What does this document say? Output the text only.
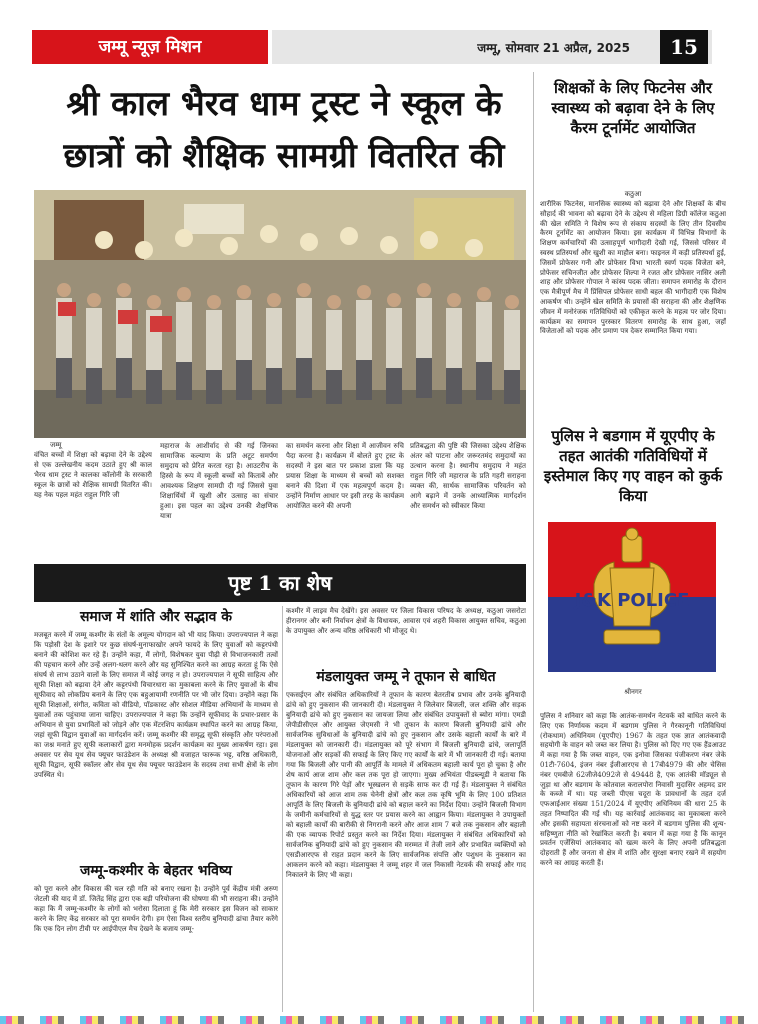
जम्मू न्यूज़ मिशन	जम्मू, सोमवार 21 अप्रैल, 2025	15
श्री काल भैरव धाम ट्रस्ट ने स्कूल के छात्रों को शैक्षिक सामग्री वितरित की
जम्मू
वंचित बच्चों में शिक्षा को बढ़ावा देने के उद्देश्य से एक उल्लेखनीय कदम उठाते हुए श्री काल भैरव धाम ट्रस्ट ने कालका कॉलोनी के सरकारी स्कूल के छात्रों को शैक्षिक सामग्री वितरित की। यह नेक पहल महंत राहुल गिरि जी
महाराज के आशीर्वाद से की गई जिनका सामाजिक कल्याण के प्रति अटूट समर्पण समुदाय को प्रेरित करता रहा है। आउटरीच के हिस्से के रूप में स्कूली बच्चों को किताबें और आवश्यक शिक्षण सामग्री दी गई जिससे युवा शिक्षार्थियों में खुशी और उत्साह का संचार हुआ। इस पहल का उद्देश्य उनकी शैक्षणिक यात्रा
का समर्थन करना और शिक्षा में आजीवन रुचि पैदा करना है। कार्यक्रम में बोलते हुए ट्रस्ट के सदस्यों ने इस बात पर प्रकाश डाला कि यह प्रयास शिक्षा के माध्यम से बच्चों को सशक्त बनाने की दिशा में एक महत्वपूर्ण कदम है। उन्होंने निर्माण आधार पर इसी तरह के कार्यक्रम आयोजित करने की अपनी
प्रतिबद्धता की पुष्टि की जिसका उद्देश्य शैक्षिक अंतर को पाटना और जरूरतमंद समुदायों का उत्थान करना है। स्थानीय समुदाय ने महंत राहुल गिरि जी महाराज के प्रति गहरी सराहना व्यक्त की, सार्थक सामाजिक परिवर्तन को आगे बढ़ाने में उनके आध्यात्मिक मार्गदर्शन और समर्थन को स्वीकार किया
शिक्षकों के लिए फिटनेस और स्वास्थ्य को बढ़ावा देने के लिए कैरम टूर्नामेंट आयोजित
कठुआ
शारीरिक फिटनेस, मानसिक स्वास्थ्य को बढ़ावा देने और शिक्षकों के बीच सौहार्द की भावना को बढ़ावा देने के उद्देश्य से महिला डिग्री कॉलेज कठुआ की खेल समिति ने विशेष रूप से संकाय सदस्यों के लिए तीन दिवसीय कैरम टूर्नामेंट का आयोजन किया। इस कार्यक्रम में विभिन्न विभागों के शिक्षण कर्मचारियों की उत्साहपूर्ण भागीदारी देखी गई, जिससे परिसर में स्वस्थ प्रतिस्पर्धा और खुशी का माहौल बना। फाइनल में कड़ी प्रतिस्पर्धा हुई, जिसमें प्रोफेसर गनी और प्रोफेसर विभा भारती स्वर्ण पदक विजेता बने, प्रोफेसर सचिनजीत और प्रोफेसर शिल्पा ने रजत और प्रोफेसर नासिर अली शाह और प्रोफेसर गोपाल ने कांस्य पदक जीता। समापन समारोह के दौरान एक मैत्रीपूर्ण मैच में प्रिंसिपल प्रोफेसर साधी बहल की भागीदारी एक विशेष आकर्षण थी। उन्होंने खेल समिति के प्रयासों की सराहना की और शैक्षणिक जीवन में मनोरंजक गतिविधियों को एकीकृत करने के महत्व पर जोर दिया। कार्यक्रम का समापन पुरस्कार वितरण समारोह के साथ हुआ, जहाँ विजेताओं को पदक और प्रमाण पत्र देकर सम्मानित किया गया।
पुलिस ने बडगाम में यूएपीए के तहत आतंकी गतिविधियों में इस्तेमाल किए गए वाहन को कुर्क किया
J&K POLICE
श्रीनगर
पुलिस ने शनिवार को कहा कि आतंक-समर्थन नेटवर्क को बाधित करने के लिए एक निर्णायक कदम में बडगाम पुलिस ने गैरकानूनी गतिविधियां (रोकथाम) अधिनियम (यूएपीए) 1967 के तहत एक ज्ञात आतंकवादी सहयोगी के वाहन को जब्त कर लिया है। पुलिस को दिए गए एक हैंडआउट में कहा गया है कि जब्त वाहन, एक इनोवा जिसका पंजीकरण नंबर जेके 01टी-7604, इंजन नंबर ईजीआरएच से 17बी4979 की और चेसिस नंबर एमबीजे 62जीजे4092जे से 49448 है, एक आतंकी मॉड्यूल से जुड़ा था और बडगाम के कोतवाल करालपोरा निवासी मुदासिर अहमद डार के कब्जे में था। यह जब्ती पीएस चदूरा के प्रावधानों के तहत दर्ज एफआईआर संख्या 151/2024 में यूएपीए अधिनियम की धारा 25 के तहत निष्पादित की गई थी। यह कार्रवाई आतंकवाद का मुकाबला करने और इसकी सहायता संरचनाओं को नष्ट करने में बडगाम पुलिस की शून्य-सहिष्णुता नीति को रेखांकित करती है। बयान में कहा गया है कि कानून प्रवर्तन एजेंसियां आतंकवाद को खत्म करने के लिए अपनी प्रतिबद्धता दोहराती हैं और जनता से क्षेत्र में शांति और सुरक्षा बनाए रखने में सहयोग करने का आग्रह करती हैं।
पृष्ट 1 का शेष
समाज में शांति और सद्भाव के
मजबूत करने में जम्मू कश्मीर के संतों के अमूल्य योगदान को भी याद किया। उपराज्यपाल ने कहा कि पड़ोसी देश के इशारे पर कुछ संघर्ष-मुनाफाखोर अपने फायदे के लिए युवाओं को कट्टरपंथी बनाने की कोशिश कर रहे हैं। उन्होंने कहा, मैं लोगों, विशेषकर युवा पीढ़ी से विभाजनकारी तत्वों की पहचान करने और उन्हें अलग-थलग करने और यह सुनिश्चित करने का आग्रह करता हूं कि ऐसे संघर्ष से लाभ उठाने वालों के लिए समाज में कोई जगह न हो। उपराज्यपाल ने सूफी साहित्य और सूफी शिक्षा को बढ़ावा देने और कट्टरपंथी विचारधारा का मुकाबला करने के लिए युवाओं के बीच सूफीवाद को लोकप्रिय बनाने के लिए एक बहुआयामी रणनीति पर भी जोर दिया। उन्होंने कहा कि सूफी शिक्षाओं, संगीत, कविता को वीडियो, पॉडकास्ट और सोशल मीडिया अभियानों के माध्यम से युवाओं तक पहुंचाया जाना चाहिए। उपराज्यपाल ने कहा कि उन्होंने सूफीवाद के प्रचार-प्रसार के अभियान से युवा प्रभावितों को जोड़ने और एक मेंटरशिप कार्यक्रम स्थापित करने का आग्रह किया, जहां सूफी विद्वान युवाओं का मार्गदर्शन करें। जम्मू कश्मीर की समृद्ध सूफी संस्कृति और परंपराओं का जश्न मनाते हुए सूफी कलाकारों द्वारा मनमोहक प्रदर्शन कार्यक्रम का मुख्य आकर्षण रहा। इस अवसर पर सेव यूथ सेव फ्यूचर फाउंडेशन के अध्यक्ष श्री वजाहत फारूक भट्ट, वरिष्ठ अधिकारी, सूफी विद्वान, सूफी स्कॉलर और सेव यूथ सेव फ्यूचर फाउंडेशन के सदस्य तथा सभी क्षेत्रों के लोग उपस्थित थे।
जम्मू-कश्मीर के बेहतर भविष्य
को पूरा करने और विकास की चल रही गति को बनाए रखना है। उन्होंने पूर्व केंद्रीय मंत्री अरुण जेटली की याद में डॉ. जितेंद्र सिंह द्वारा एक बड़ी परियोजना की घोषणा की भी सराहना की। उन्होंने कहा कि मैं जम्मू-कश्मीर के लोगों को भरोसा दिलाता हूं कि मेरी सरकार इस विजन को साकार करने के लिए केंद्र सरकार को पूरा समर्थन देगी। हम ऐसा विश्व स्तरीय बुनियादी ढांचा तैयार करेंगे कि एक दिन लोग टीवी पर आईपीएल मैच देखने के बजाय जम्मू-
कश्मीर में लाइव मैच देखेंगे। इस अवसर पर जिला विकास परिषद के अध्यक्ष, कठुआ जसरोटा हीरानगर और बनी निर्वाचन क्षेत्रों के विधायक, आवास एवं शहरी विकास आयुक्त सचिव, कठुआ के उपायुक्त और अन्य वरिष्ठ अधिकारी भी मौजूद थे।
मंडलायुक्त जम्मू ने तूफान से बाधित
एकसईएन और संबंधित अधिकारियों ने तूफान के कारण बेतरतीब प्रभाव और उनके बुनियादी ढांचे को हुए नुकसान की जानकारी दी। मंडलायुक्त ने जिलेवार बिजली, जल शक्ति और सड़क बुनियादी ढांचे को हुए नुकसान का जायजा लिया और संबंधित उपायुक्तों से ब्योरा मांगा। एमडी जेपीडीसीएल और आयुक्त जेएमसी ने भी तूफान के कारण बिजली बुनियादी ढांचे और सार्वजनिक सुविधाओं के बुनियादी ढांचे को हुए नुकसान और उसके बहाली कार्यों के बारे में मंडलायुक्त को जानकारी दी। मंडलायुक्त को पूरे संभाग में बिजली बुनियादी ढांचे, जलापूर्ति योजनाओं और सड़कों की सफाई के लिए किए गए कार्यों के बारे में भी जानकारी दी गई। बताया गया कि बिजली और पानी की आपूर्ति के मामले में अधिकतम बहाली कार्य पूरा हो चुका है और शेष कार्य आज शाम और कल तक पूरा हो जाएगा। मुख्य अभियंता पीडब्ल्यूडी ने बताया कि तूफान के कारण गिरे पेड़ों और भूस्खलन से सड़कें साफ कर दी गई हैं। मंडलायुक्त ने संबंधित अधिकारियों को आज शाम तक चेनेनी क्षेत्रों और कल तक कृषि भूमि के लिए 100 प्रतिशत आपूर्ति के लिए बिजली के बुनियादी ढांचे को बहाल करने का निर्देश दिया। उन्होंने बिजली विभाग के जमीनी कर्मचारियों से युद्ध स्तर पर प्रयास करने का आह्वान किया। मंडलायुक्त ने उपायुक्तों को बहाली कार्यों की बारीकी से निगरानी करने और आज शाम 7 बजे तक नुकसान और बहाली की एक व्यापक रिपोर्ट प्रस्तुत करने का निर्देश दिया। मंडलायुक्त ने संबंधित अधिकारियों को सार्वजनिक बुनियादी ढांचे को हुए नुकसान की मरम्मत में तेजी लाने और प्रभावित व्यक्तियों को एसडीआरएफ से राहत प्रदान करने के लिए सार्वजनिक संपत्ति और पशुधन के नुकसान का आकलन करने को कहा। मंडलायुक्त ने जम्मू शहर में जल निकासी नेटवर्क की सफाई और गाद निकालने के लिए भी कहा।
